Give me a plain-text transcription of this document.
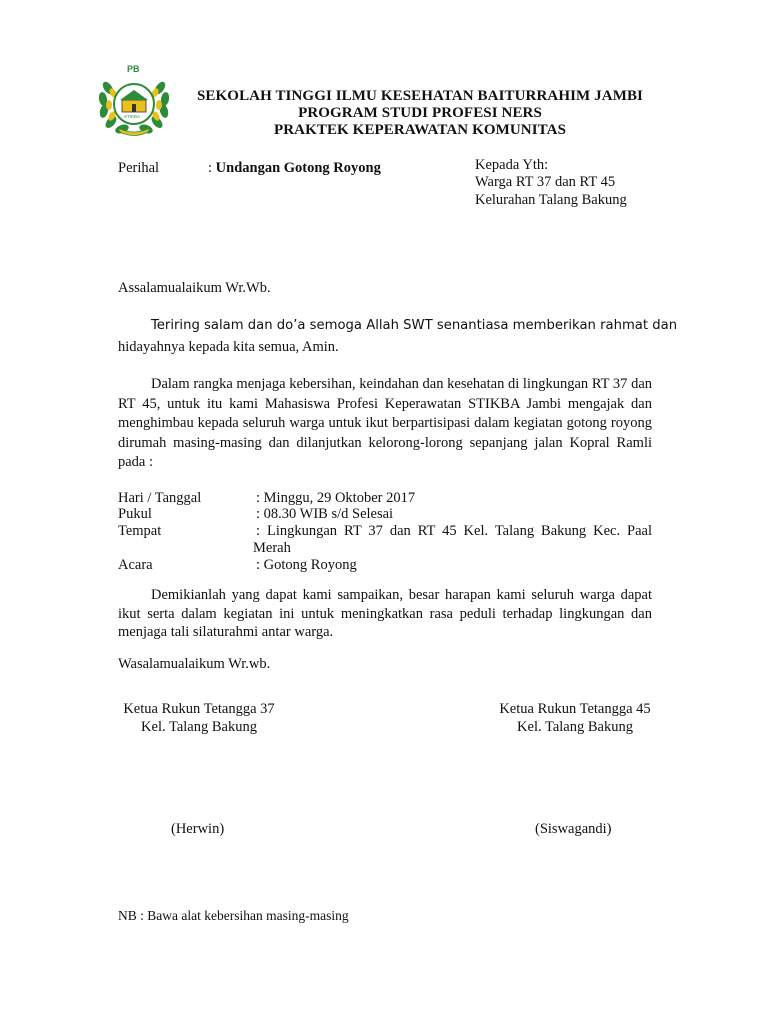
PB
STIKBA
SEKOLAH TINGGI ILMU KESEHATAN BAITURRAHIM JAMBI
PROGRAM STUDI PROFESI NERS
PRAKTEK KEPERAWATAN KOMUNITAS
Perihal	: Undangan Gotong Royong	Kepada Yth:
Warga RT 37 dan RT 45
Kelurahan Talang Bakung
Assalamualaikum Wr.Wb.
Teriring salam dan do’a semoga Allah SWT senantiasa memberikan rahmat dan
hidayahnya kepada kita semua, Amin.
Dalam rangka menjaga kebersihan, keindahan dan kesehatan di lingkungan RT 37 dan RT 45, untuk itu kami Mahasiswa Profesi Keperawatan STIKBA Jambi mengajak dan menghimbau kepada seluruh warga untuk ikut berpartisipasi dalam kegiatan gotong royong dirumah masing-masing dan dilanjutkan kelorong-lorong sepanjang jalan Kopral Ramli pada :
Hari / Tanggal	: Minggu, 29 Oktober 2017
Pukul	: 08.30 WIB s/d Selesai
Tempat	: Lingkungan RT 37 dan RT 45 Kel. Talang Bakung Kec. Paal
Merah
Acara	: Gotong Royong
Demikianlah yang dapat kami sampaikan, besar harapan kami seluruh warga dapat ikut serta dalam kegiatan ini untuk meningkatkan rasa peduli terhadap lingkungan dan menjaga tali silaturahmi antar warga.
Wasalamualaikum Wr.wb.
Ketua Rukun Tetangga 37
Kel. Talang Bakung
(Herwin)
Ketua Rukun Tetangga 45
Kel. Talang Bakung
(Siswagandi)
NB : Bawa alat kebersihan masing-masing
